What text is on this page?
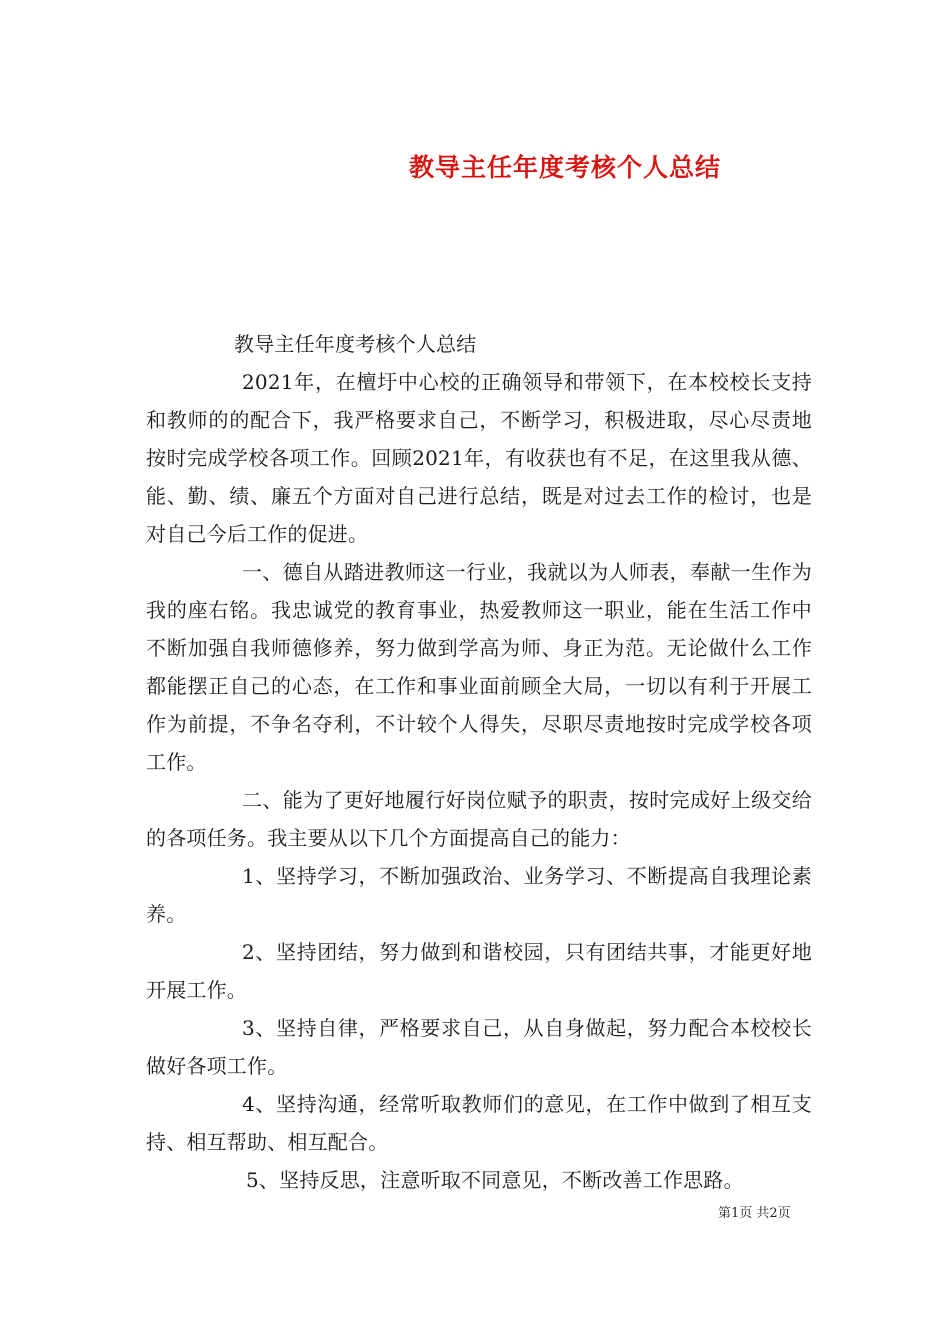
教导主任年度考核个人总结

教导主任年度考核个人总结

2021年，在檀圩中心校的正确领导和带领下，在本校校长支持和教师的的配合下，我严格要求自己，不断学习，积极进取，尽心尽责地按时完成学校各项工作。回顾2021年，有收获也有不足，在这里我从德、能、勤、绩、廉五个方面对自己进行总结，既是对过去工作的检讨，也是对自己今后工作的促进。

一、德自从踏进教师这一行业，我就以为人师表，奉献一生作为我的座右铭。我忠诚党的教育事业，热爱教师这一职业，能在生活工作中不断加强自我师德修养，努力做到学高为师、身正为范。无论做什么工作都能摆正自己的心态，在工作和事业面前顾全大局，一切以有利于开展工作为前提，不争名夺利，不计较个人得失，尽职尽责地按时完成学校各项工作。

二、能为了更好地履行好岗位赋予的职责，按时完成好上级交给的各项任务。我主要从以下几个方面提高自己的能力：

1、坚持学习，不断加强政治、业务学习、不断提高自我理论素养。

2、坚持团结，努力做到和谐校园，只有团结共事，才能更好地开展工作。

3、坚持自律，严格要求自己，从自身做起，努力配合本校校长做好各项工作。

4、坚持沟通，经常听取教师们的意见，在工作中做到了相互支持、相互帮助、相互配合。

5、坚持反思，注意听取不同意见，不断改善工作思路。

第1页 共2页
